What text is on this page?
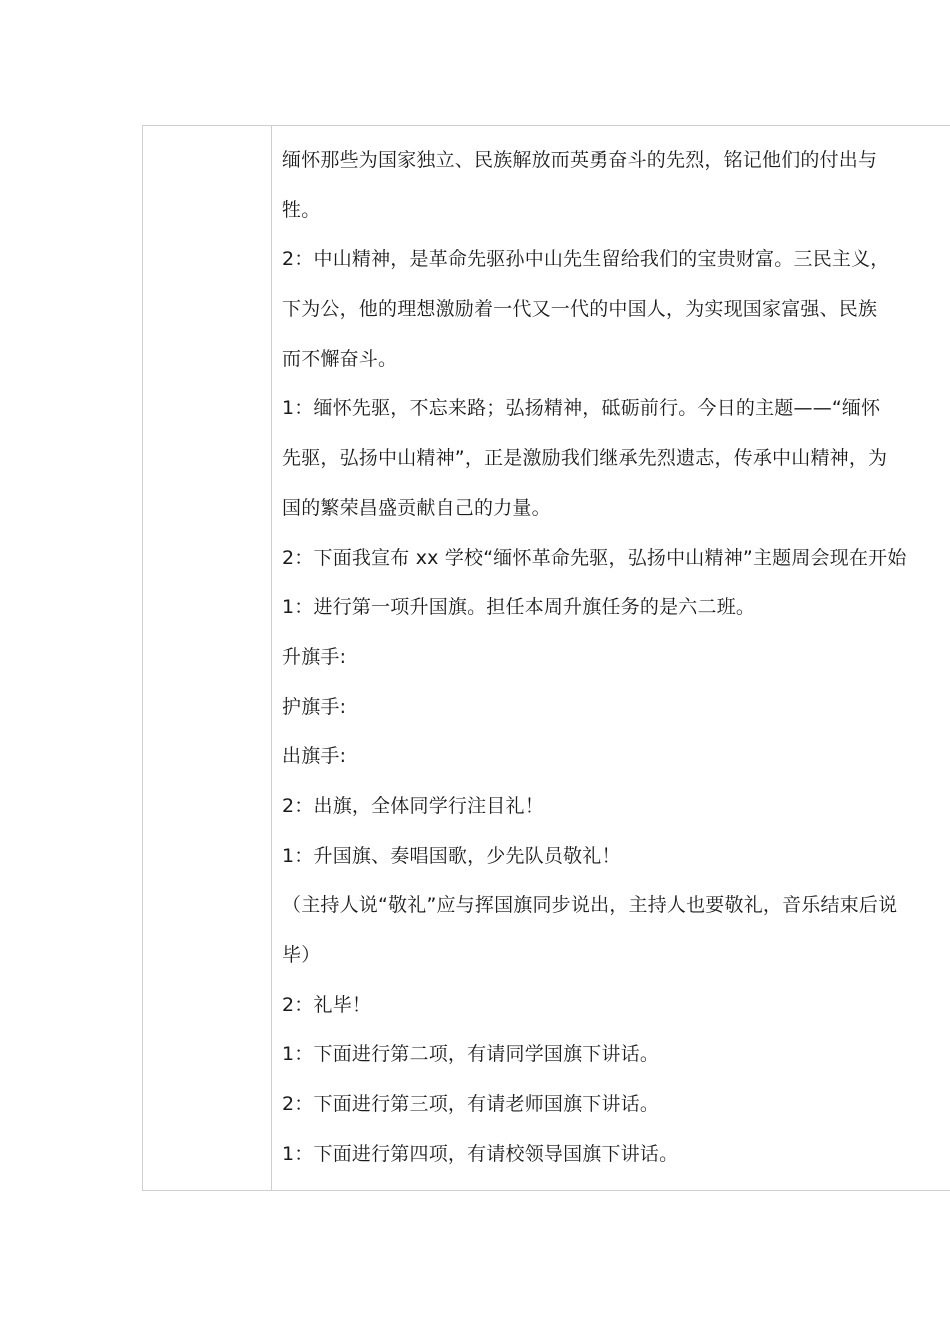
缅怀那些为国家独立、民族解放而英勇奋斗的先烈，铭记他们的付出与
牲。
2：中山精神，是革命先驱孙中山先生留给我们的宝贵财富。三民主义，
下为公，他的理想激励着一代又一代的中国人，为实现国家富强、民族
而不懈奋斗。
1：缅怀先驱，不忘来路；弘扬精神，砥砺前行。今日的主题——“缅怀
先驱，弘扬中山精神”，正是激励我们继承先烈遗志，传承中山精神，为
国的繁荣昌盛贡献自己的力量。
2：下面我宣布 xx 学校“缅怀革命先驱，弘扬中山精神”主题周会现在开始
1：进行第一项升国旗。担任本周升旗任务的是六二班。
升旗手:
护旗手:
出旗手:
2：出旗，全体同学行注目礼！
1：升国旗、奏唱国歌，少先队员敬礼！
（主持人说“敬礼”应与挥国旗同步说出，主持人也要敬礼，音乐结束后说
毕）
2：礼毕！
1：下面进行第二项，有请同学国旗下讲话。
2：下面进行第三项，有请老师国旗下讲话。
1：下面进行第四项，有请校领导国旗下讲话。
